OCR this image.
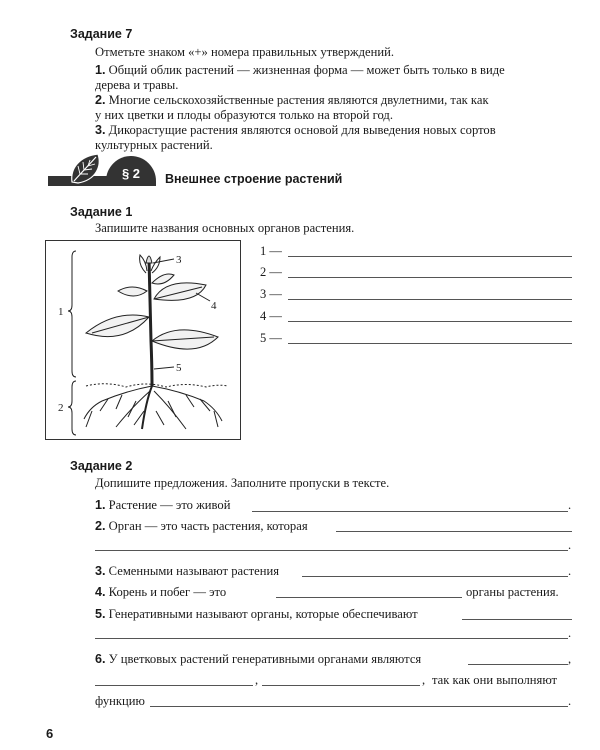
Задание 7
Отметьте знаком «+» номера правильных утверждений.
1. Общий облик растений — жизненная форма — может быть только в виде
дерева и травы.
2. Многие сельскохозяйственные растения являются двулетними, так как
у них цветки и плоды образуются только на второй год.
3. Дикорастущие растения являются основой для выведения новых сортов
культурных растений.
§ 2	Внешнее строение растений
Задание 1
Запишите названия основных органов растения.
3
4
5
1
2
1 —
2 —
3 —
4 —
5 —
Задание 2
Допишите предложения. Заполните пропуски в тексте.
1. Растение — это живой	.
2. Орган — это часть растения, которая
.
3. Семенными называют растения	.
4. Корень и побег — это	органы растения.
5. Генеративными называют органы, которые обеспечивают
.
6. У цветковых растений генеративными органами являются	,
,	, так как они выполняют
функцию	.
6
